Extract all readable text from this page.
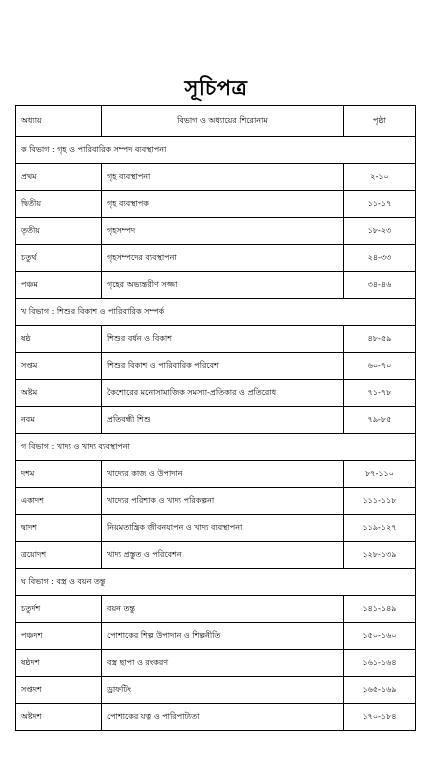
সূচিপত্র
অধ্যায়	বিভাগ ও অধ্যায়ের শিরোনাম	পৃষ্ঠা
ক বিভাগ : গৃহ ও পারিবারিক সম্পদ ব্যবস্থাপনা		
প্রথম	গৃহ ব্যবস্থাপনা	২-১০
দ্বিতীয়	গৃহ ব্যবস্থাপক	১১-১৭
তৃতীয়	গৃহসম্পদ	১৮-২৩
চতুর্থ	গৃহসম্পদের ব্যবস্থাপনা	২৪-৩৩
পঞ্চম	গৃহের অভ্যন্তরীণ সজ্জা	৩৪-৪৬
খ বিভাগ : শিশুর বিকাশ ও পারিবারিক সম্পর্ক		
ষষ্ঠ	শিশুর বর্ধন ও বিকাশ	৪৮-৫৯
সপ্তম	শিশুর বিকাশ ও পারিবারিক পরিবেশ	৬০-৭০
অষ্টম	কৈশোরের মনোসামাজিক সমস্যা-প্রতিকার ও প্রতিরোধ	৭১-৭৮
নবম	প্রতিবন্ধী শিশু	৭৯-৮৫
গ বিভাগ : খাদ্য ও খাদ্য ব্যবস্থাপনা		
দশম	খাদ্যের কাজ ও উপাদান	৮৭-১১০
একাদশ	খাদ্যের পরিশাক ও খাদ্য পরিকল্পনা	১১১-১১৮
দ্বাদশ	নিয়মতান্ত্রিক জীবনযাপন ও খাদ্য ব্যবস্থাপনা	১১৯-১২৭
ত্রয়োদশ	খাদ্য প্রস্তুত ও পরিবেশন	১২৮-১৩৯
ঘ বিভাগ : বস্ত্র ও বয়ন তন্তু		
চতুর্দশ	বয়ন তন্তু	১৪১-১৪৯
পঞ্চদশ	পোশাকের শিল্প উপাদান ও শিল্পনীতি	১৫০-১৬০
ষষ্ঠদশ	বস্ত্র ছাপা ও রংকরণ	১৬১-১৬৪
সপ্তদশ	ড্রাফটিং	১৬৫-১৬৯
অষ্টদশ	পোশাকের যত্ন ও পারিপাট্যতা	১৭০-১৮৪
